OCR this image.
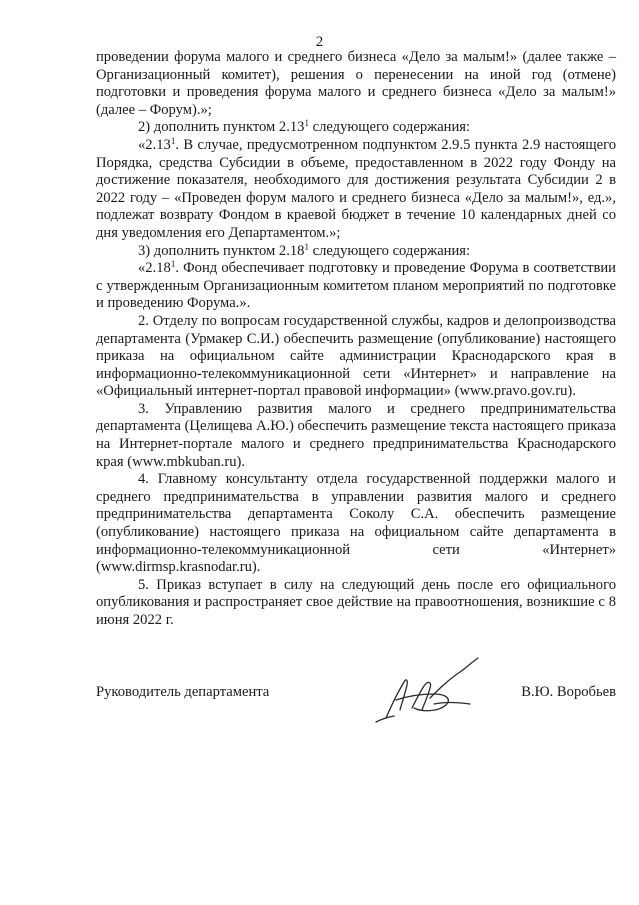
2

проведении форума малого и среднего бизнеса «Дело за малым!» (далее также – Организационный комитет), решения о перенесении на иной год (отмене) подготовки и проведения форума малого и среднего бизнеса «Дело за малым!» (далее – Форум).»;

2) дополнить пунктом 2.13$^1$ следующего содержания:

«2.13$^1$. В случае, предусмотренном подпунктом 2.9.5 пункта 2.9 настоящего Порядка, средства Субсидии в объеме, предоставленном в 2022 году Фонду на достижение показателя, необходимого для достижения результата Субсидии 2 в 2022 году – «Проведен форум малого и среднего бизнеса «Дело за малым!», ед.», подлежат возврату Фондом в краевой бюджет в течение 10 календарных дней со дня уведомления его Департаментом.»;

3) дополнить пунктом 2.18$^1$ следующего содержания:

«2.18$^1$. Фонд обеспечивает подготовку и проведение Форума в соответствии с утвержденным Организационным комитетом планом мероприятий по подготовке и проведению Форума.».

2. Отделу по вопросам государственной службы, кадров и делопроизводства департамента (Урмакер С.И.) обеспечить размещение (опубликование) настоящего приказа на официальном сайте администрации Краснодарского края в информационно-телекоммуникационной сети «Интернет» и направление на «Официальный интернет-портал правовой информации» (www.pravo.gov.ru).

3. Управлению развития малого и среднего предпринимательства департамента (Целищева А.Ю.) обеспечить размещение текста настоящего приказа на Интернет-портале малого и среднего предпринимательства Краснодарского края (www.mbkuban.ru).

4. Главному консультанту отдела государственной поддержки малого и среднего предпринимательства в управлении развития малого и среднего предпринимательства департамента Соколу С.А. обеспечить размещение (опубликование) настоящего приказа на официальном сайте департамента в информационно-телекоммуникационной сети «Интернет» (www.dirmsp.krasnodar.ru).

5. Приказ вступает в силу на следующий день после его официального опубликования и распространяет свое действие на правоотношения, возникшие с 8 июня 2022 г.

Руководитель департамента	В.Ю. Воробьев
